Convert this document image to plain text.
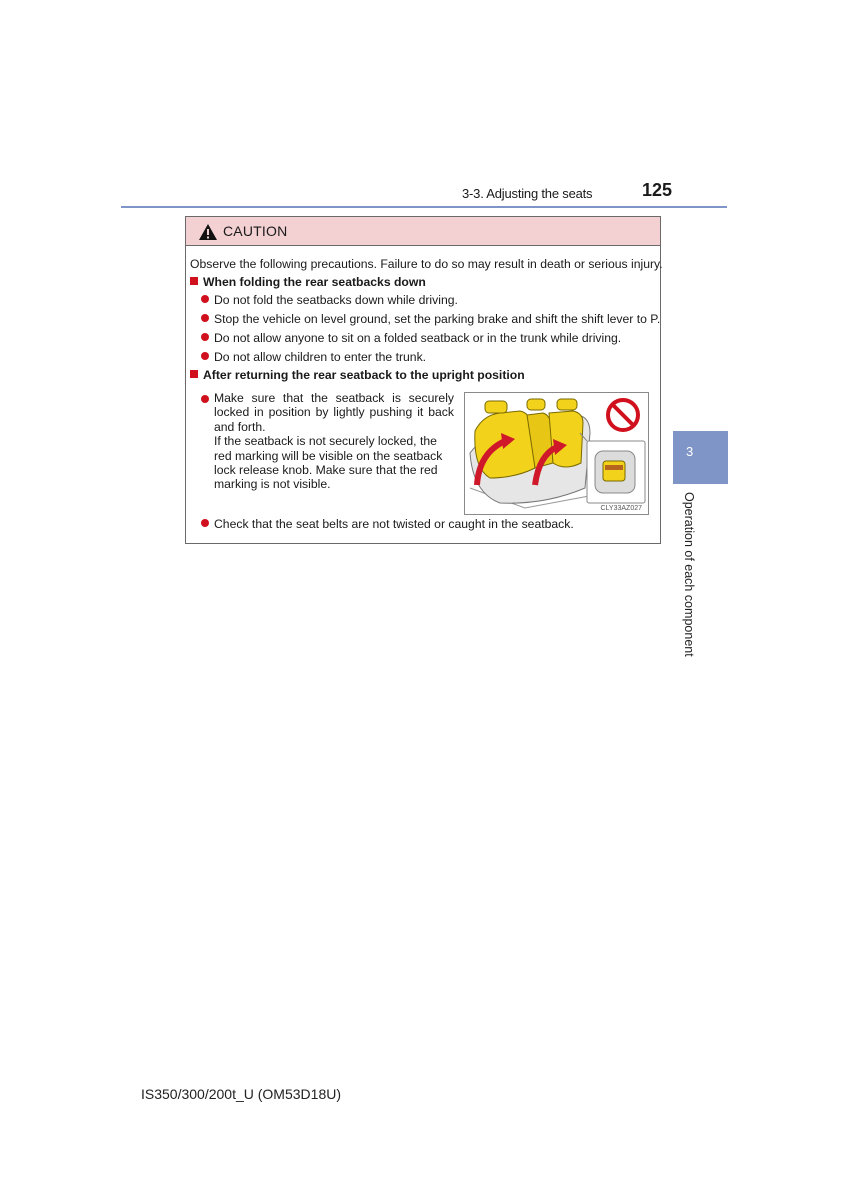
3-3. Adjusting the seats	125
3
Operation of each component
CAUTION
Observe the following precautions. Failure to do so may result in death or serious injury.
When folding the rear seatbacks down
Do not fold the seatbacks down while driving.
Stop the vehicle on level ground, set the parking brake and shift the shift lever to P.
Do not allow anyone to sit on a folded seatback or in the trunk while driving.
Do not allow children to enter the trunk.
After returning the rear seatback to the upright position

Make sure that the seatback is securely locked in position by lightly pushing it back and forth.

If the seatback is not securely locked, the red marking will be visible on the seatback lock release knob. Make sure that the red marking is not visible.

CLY33AZ027
Check that the seat belts are not twisted or caught in the seatback.
IS350/300/200t_U (OM53D18U)
